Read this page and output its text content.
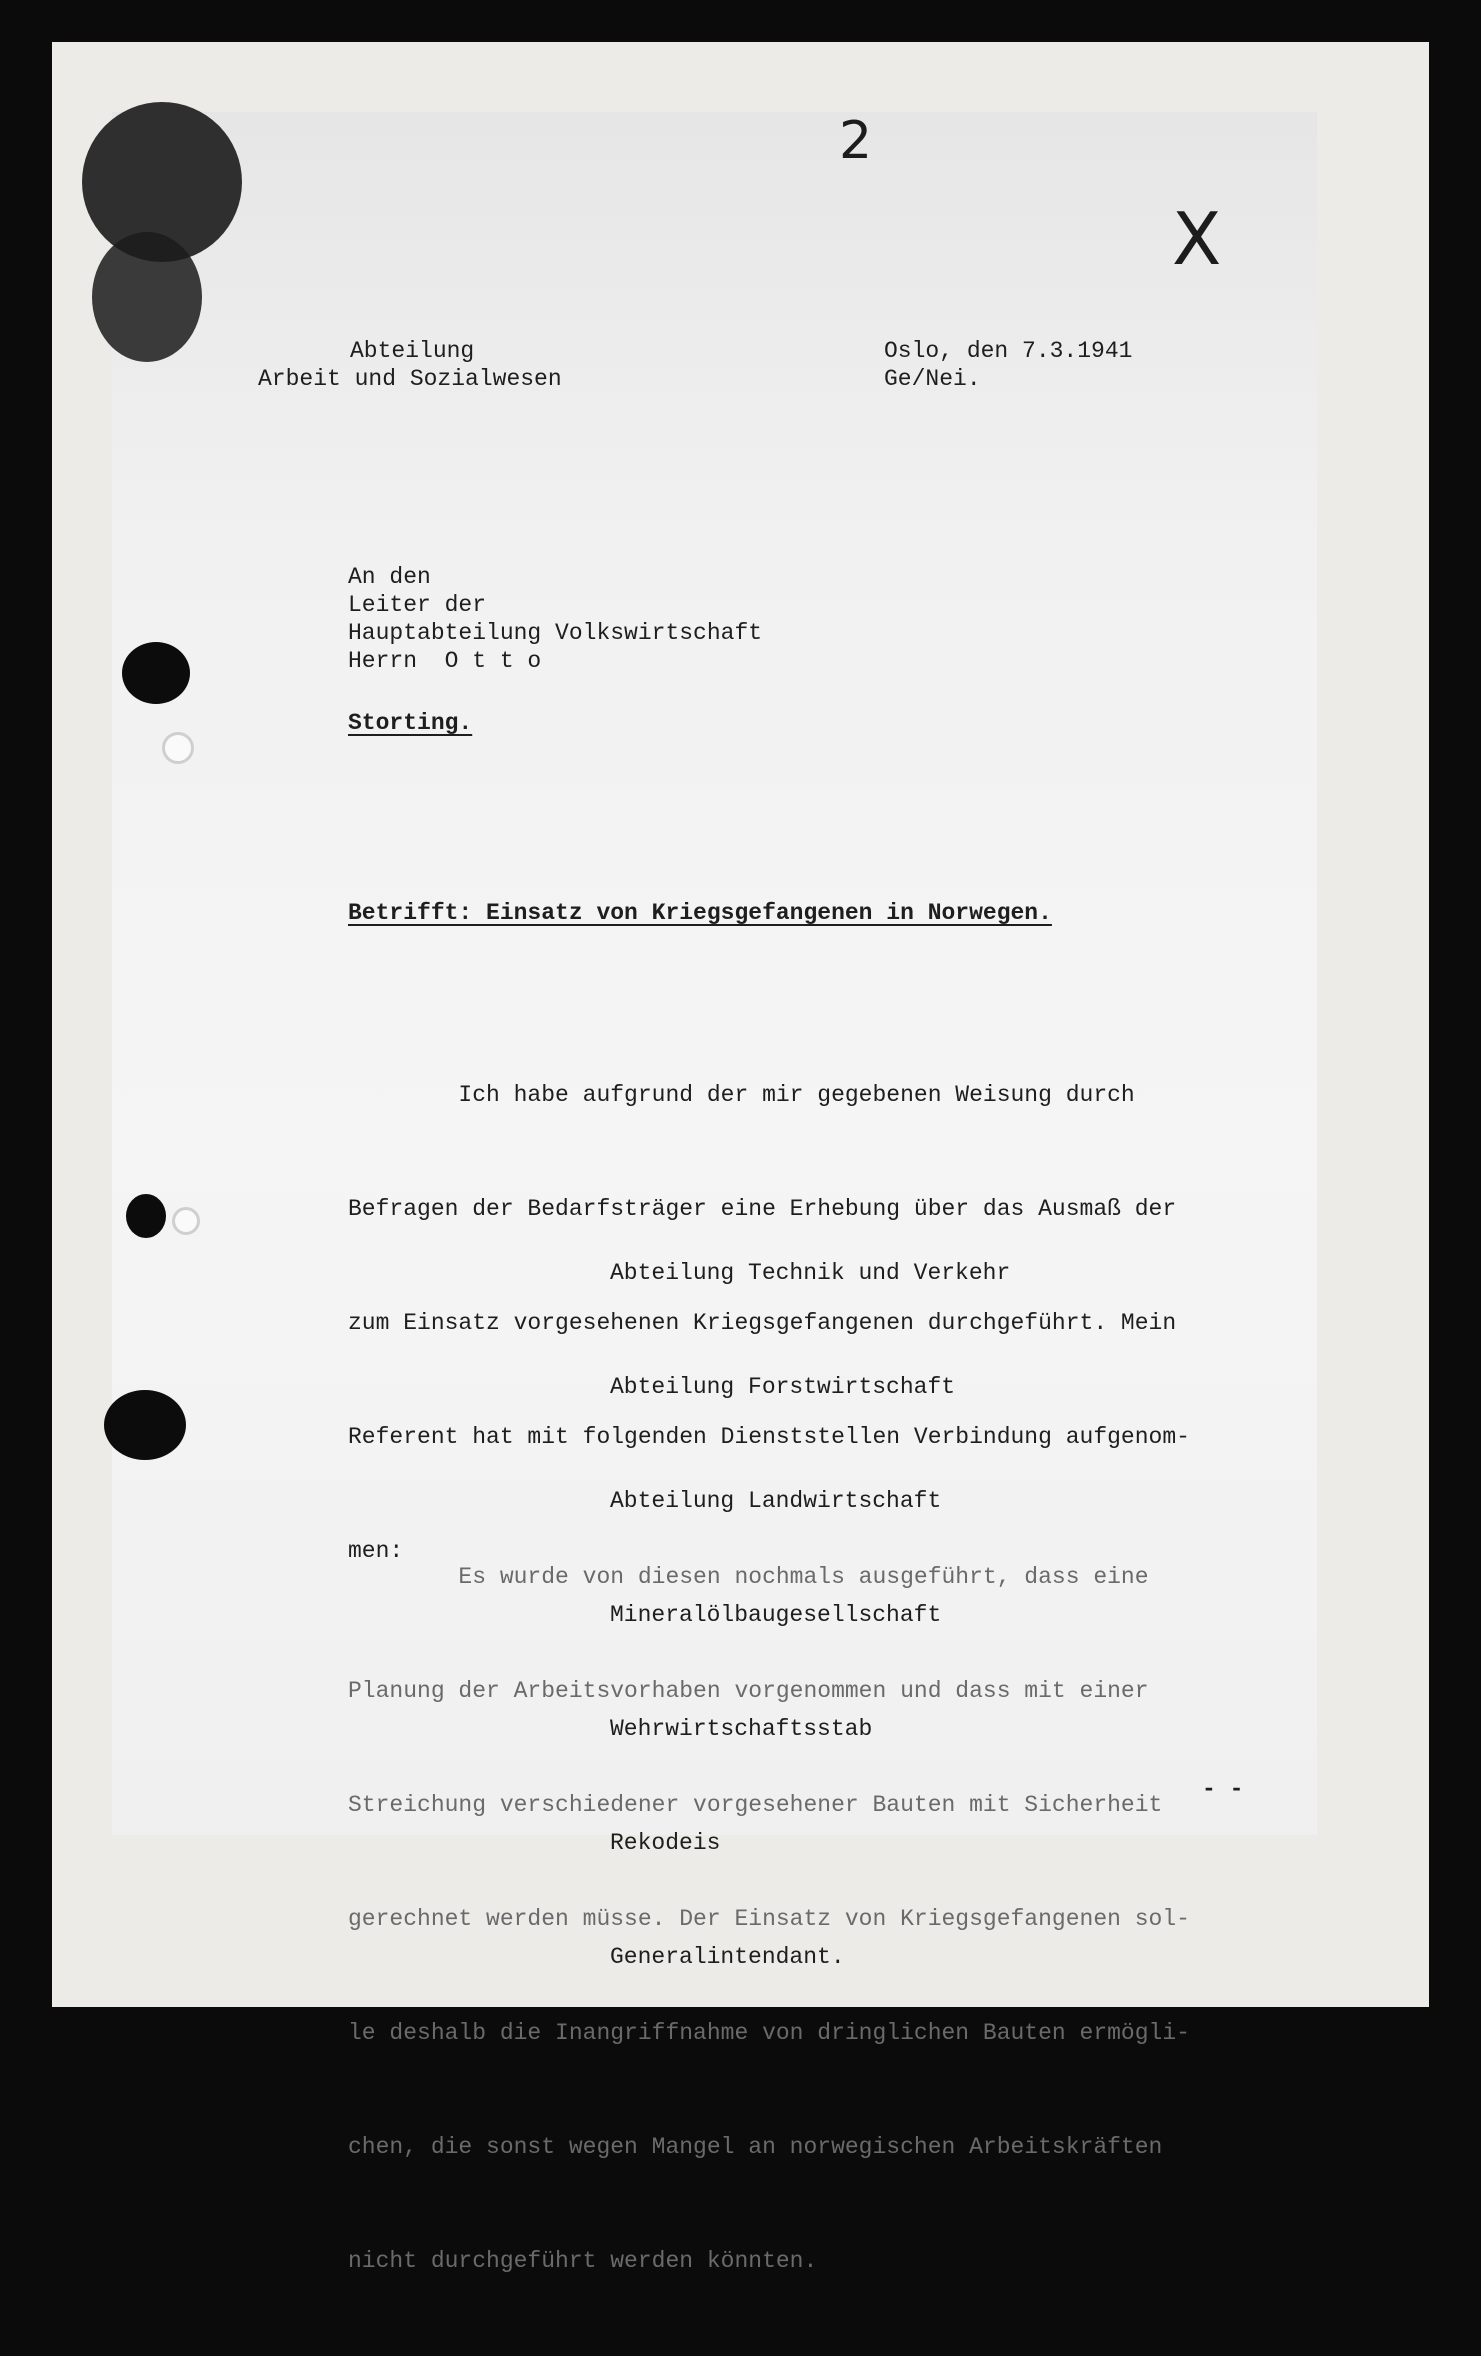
2
X
Abteilung
Arbeit und Sozialwesen
Oslo, den 7.3.1941
Ge/Nei.
An den
Leiter der
Hauptabteilung Volkswirtschaft
Herrn  O t t o
Storting.
Betrifft: Einsatz von Kriegsgefangenen in Norwegen.

Ich habe aufgrund der mir gegebenen Weisung durch

Befragen der Bedarfsträger eine Erhebung über das Ausmaß der

zum Einsatz vorgesehenen Kriegsgefangenen durchgeführt. Mein

Referent hat mit folgenden Dienststellen Verbindung aufgenom-

men:

Abteilung Technik und Verkehr

Abteilung Forstwirtschaft

Abteilung Landwirtschaft

Mineralölbaugesellschaft

Wehrwirtschaftsstab

Rekodeis

Generalintendant.

Es wurde von diesen nochmals ausgeführt, dass eine

Planung der Arbeitsvorhaben vorgenommen und dass mit einer

Streichung verschiedener vorgesehener Bauten mit Sicherheit

gerechnet werden müsse. Der Einsatz von Kriegsgefangenen sol-

le deshalb die Inangriffnahme von dringlichen Bauten ermögli-

chen, die sonst wegen Mangel an norwegischen Arbeitskräften

nicht durchgeführt werden könnten.

- -
